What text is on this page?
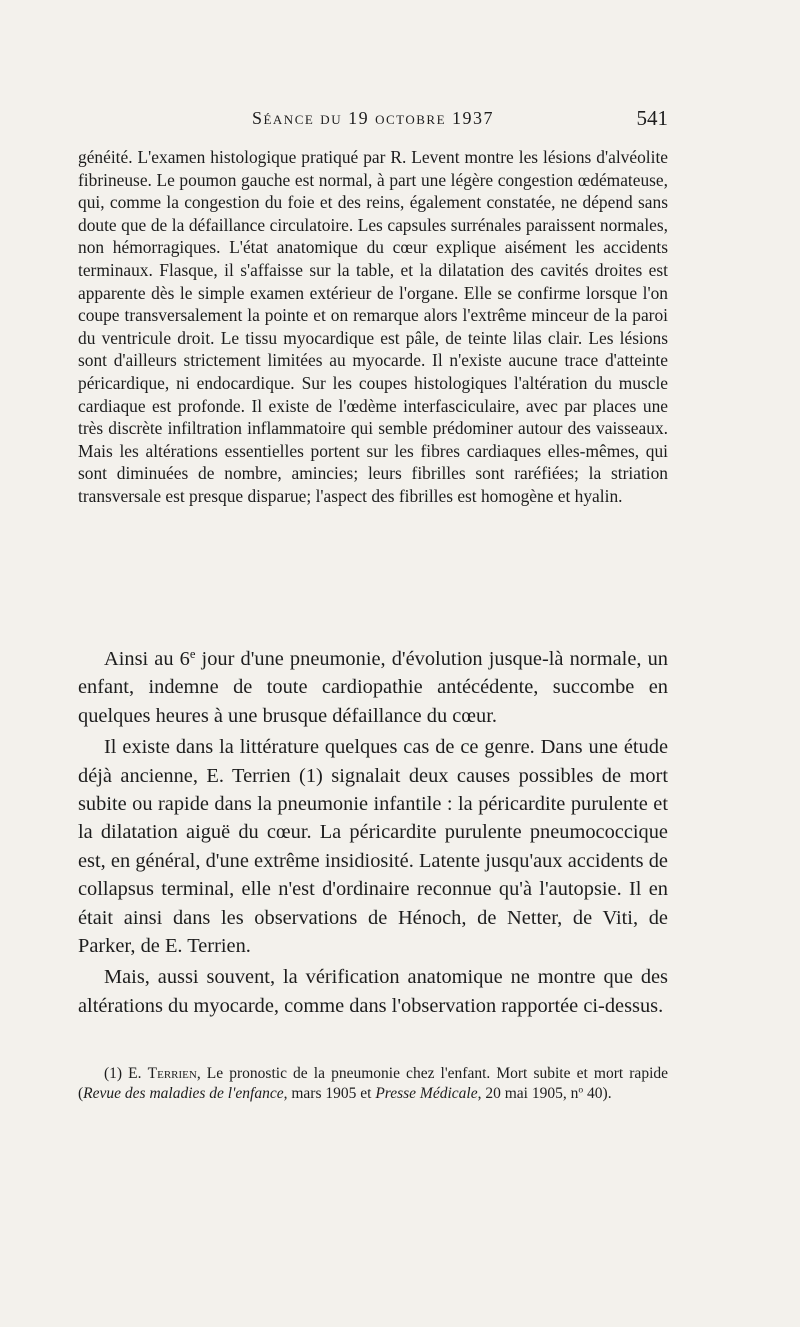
Séance du 19 octobre 1937	541

généité. L'examen histologique pratiqué par R. Levent montre les lésions d'alvéolite fibrineuse. Le poumon gauche est normal, à part une légère congestion œdémateuse, qui, comme la congestion du foie et des reins, également constatée, ne dépend sans doute que de la défaillance circulatoire. Les capsules surrénales paraissent normales, non hémorragiques. L'état anatomique du cœur explique aisément les accidents terminaux. Flasque, il s'affaisse sur la table, et la dilatation des cavités droites est apparente dès le simple examen extérieur de l'organe. Elle se confirme lorsque l'on coupe transversalement la pointe et on remarque alors l'extrême minceur de la paroi du ventricule droit. Le tissu myocardique est pâle, de teinte lilas clair. Les lésions sont d'ailleurs strictement limitées au myocarde. Il n'existe aucune trace d'atteinte péricardique, ni endocardique. Sur les coupes histologiques l'altération du muscle cardiaque est profonde. Il existe de l'œdème interfasciculaire, avec par places une très discrète infiltration inflammatoire qui semble prédominer autour des vaisseaux. Mais les altérations essentielles portent sur les fibres cardiaques elles-mêmes, qui sont diminuées de nombre, amincies; leurs fibrilles sont raréfiées; la striation transversale est presque disparue; l'aspect des fibrilles est homogène et hyalin.

Ainsi au 6e jour d'une pneumonie, d'évolution jusque-là normale, un enfant, indemne de toute cardiopathie antécédente, succombe en quelques heures à une brusque défaillance du cœur.

Il existe dans la littérature quelques cas de ce genre. Dans une étude déjà ancienne, E. Terrien (1) signalait deux causes possibles de mort subite ou rapide dans la pneumonie infantile : la péricardite purulente et la dilatation aiguë du cœur. La péricardite purulente pneumococcique est, en général, d'une extrême insidiosité. Latente jusqu'aux accidents de collapsus terminal, elle n'est d'ordinaire reconnue qu'à l'autopsie. Il en était ainsi dans les observations de Hénoch, de Netter, de Viti, de Parker, de E. Terrien.

Mais, aussi souvent, la vérification anatomique ne montre que des altérations du myocarde, comme dans l'observation rapportée ci-dessus.

(1) E. Terrien, Le pronostic de la pneumonie chez l'enfant. Mort subite et mort rapide (Revue des maladies de l'enfance, mars 1905 et Presse Médicale, 20 mai 1905, $n^o$ 40).
